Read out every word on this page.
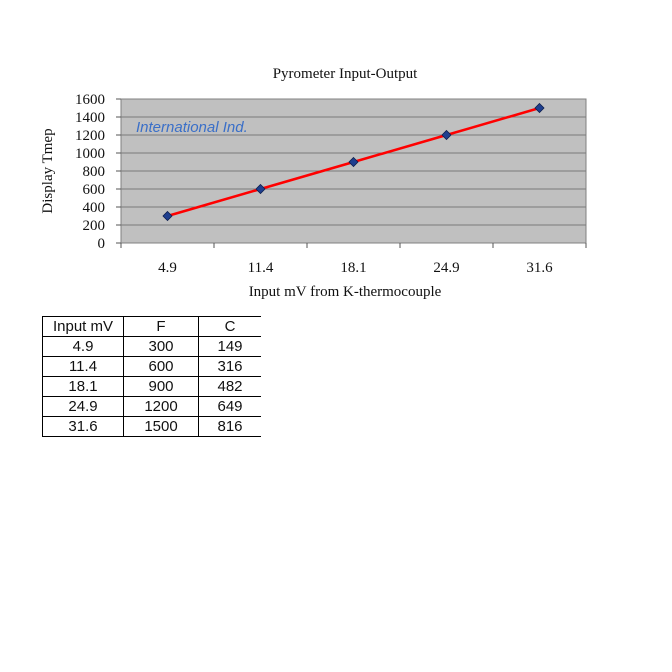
Pyrometer Input-Output
0
200
400
600
800
1000
1200
1400
1600
4.9	11.4	18.1	24.9	31.6
International Ind.
Display Tmep
Input mV from K-thermocouple
Input mV	F	C
4.9	300	149
11.4	600	316
18.1	900	482
24.9	1200	649
31.6	1500	816
